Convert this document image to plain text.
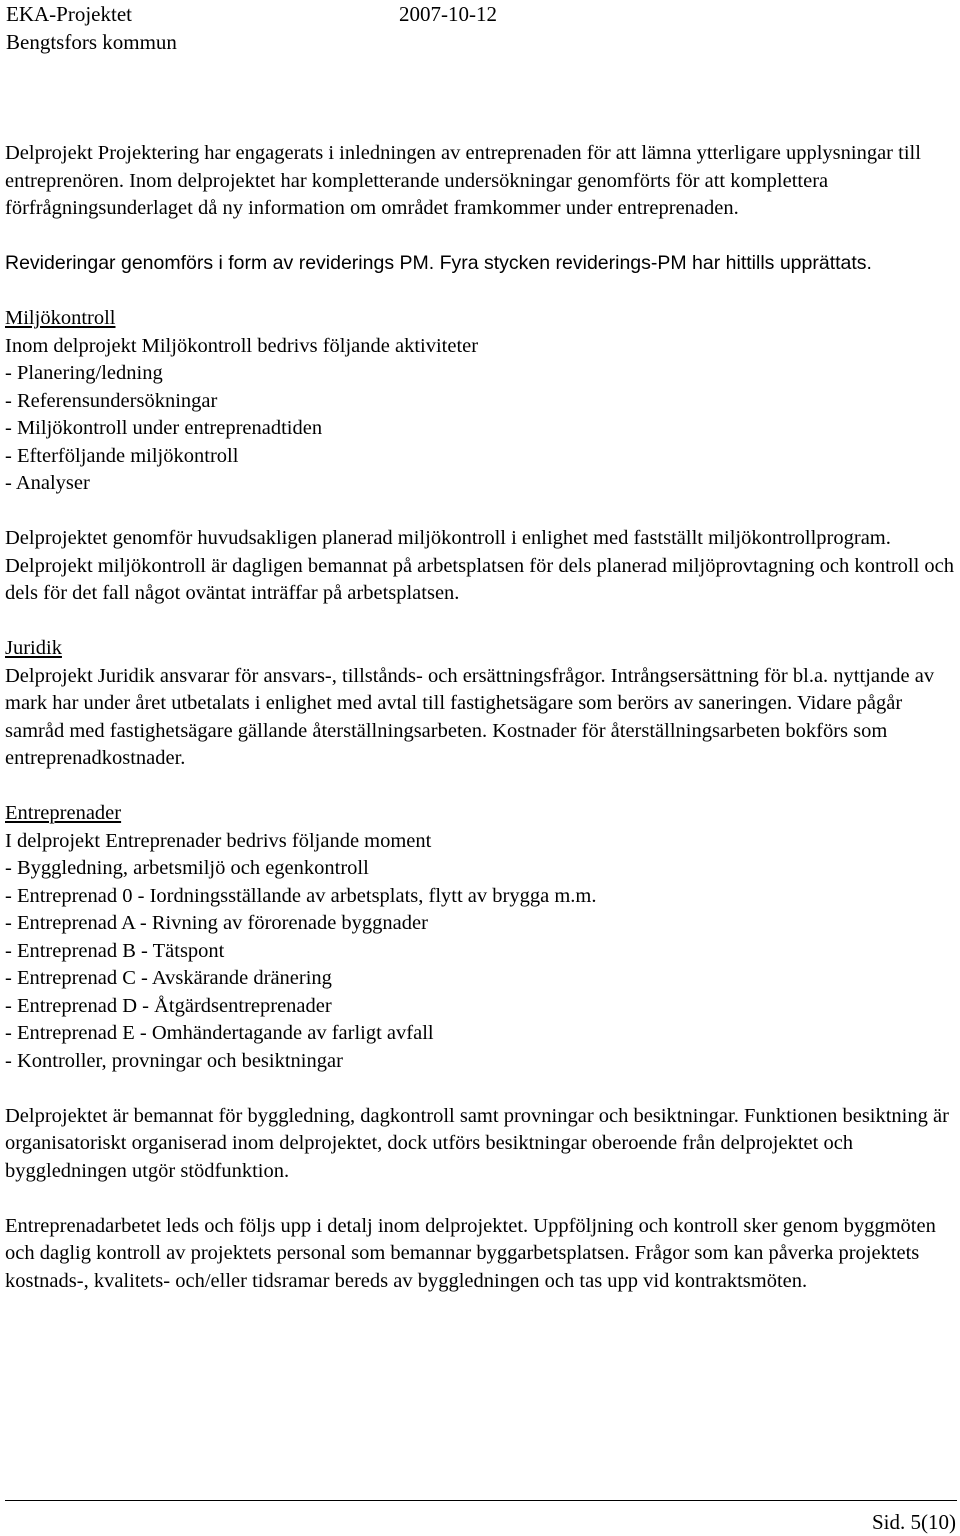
EKA-Projektet	2007-10-12
Bengtsfors kommun

Delprojekt Projektering har engagerats i inledningen av entreprenaden för att lämna ytterligare upplysningar till entreprenören. Inom delprojektet har kompletterande undersökningar genomförts för att komplettera förfrågningsunderlaget då ny information om området framkommer under entreprenaden.

Revideringar genomförs i form av reviderings PM. Fyra stycken reviderings-PM har hittills upprättats.

Miljökontroll
Inom delprojekt Miljökontroll bedrivs följande aktiviteter
- Planering/ledning
- Referensundersökningar
- Miljökontroll under entreprenadtiden
- Efterföljande miljökontroll
- Analyser

Delprojektet genomför huvudsakligen planerad miljökontroll i enlighet med fastställt miljökontrollprogram. Delprojekt miljökontroll är dagligen bemannat på arbetsplatsen för dels planerad miljöprovtagning och kontroll och dels för det fall något oväntat inträffar på arbetsplatsen.

Juridik

Delprojekt Juridik ansvarar för ansvars-, tillstånds- och ersättningsfrågor. Intrångsersättning för bl.a. nyttjande av mark har under året utbetalats i enlighet med avtal till fastighetsägare som berörs av saneringen. Vidare pågår samråd med fastighetsägare gällande återställningsarbeten. Kostnader för återställningsarbeten bokförs som entreprenadkostnader.

Entreprenader
I delprojekt Entreprenader bedrivs följande moment
- Byggledning, arbetsmiljö och egenkontroll
- Entreprenad 0 - Iordningsställande av arbetsplats, flytt av brygga m.m.
- Entreprenad A - Rivning av förorenade byggnader
- Entreprenad B - Tätspont
- Entreprenad C - Avskärande dränering
- Entreprenad D - Åtgärdsentreprenader
- Entreprenad E - Omhändertagande av farligt avfall
- Kontroller, provningar och besiktningar

Delprojektet är bemannat för byggledning, dagkontroll samt provningar och besiktningar. Funktionen besiktning är organisatoriskt organiserad inom delprojektet, dock utförs besiktningar oberoende från delprojektet och byggledningen utgör stödfunktion.

Entreprenadarbetet leds och följs upp i detalj inom delprojektet. Uppföljning och kontroll sker genom byggmöten och daglig kontroll av projektets personal som bemannar byggarbetsplatsen. Frågor som kan påverka projektets kostnads-, kvalitets- och/eller tidsramar bereds av byggledningen och tas upp vid kontraktsmöten.

Sid. 5(10)
